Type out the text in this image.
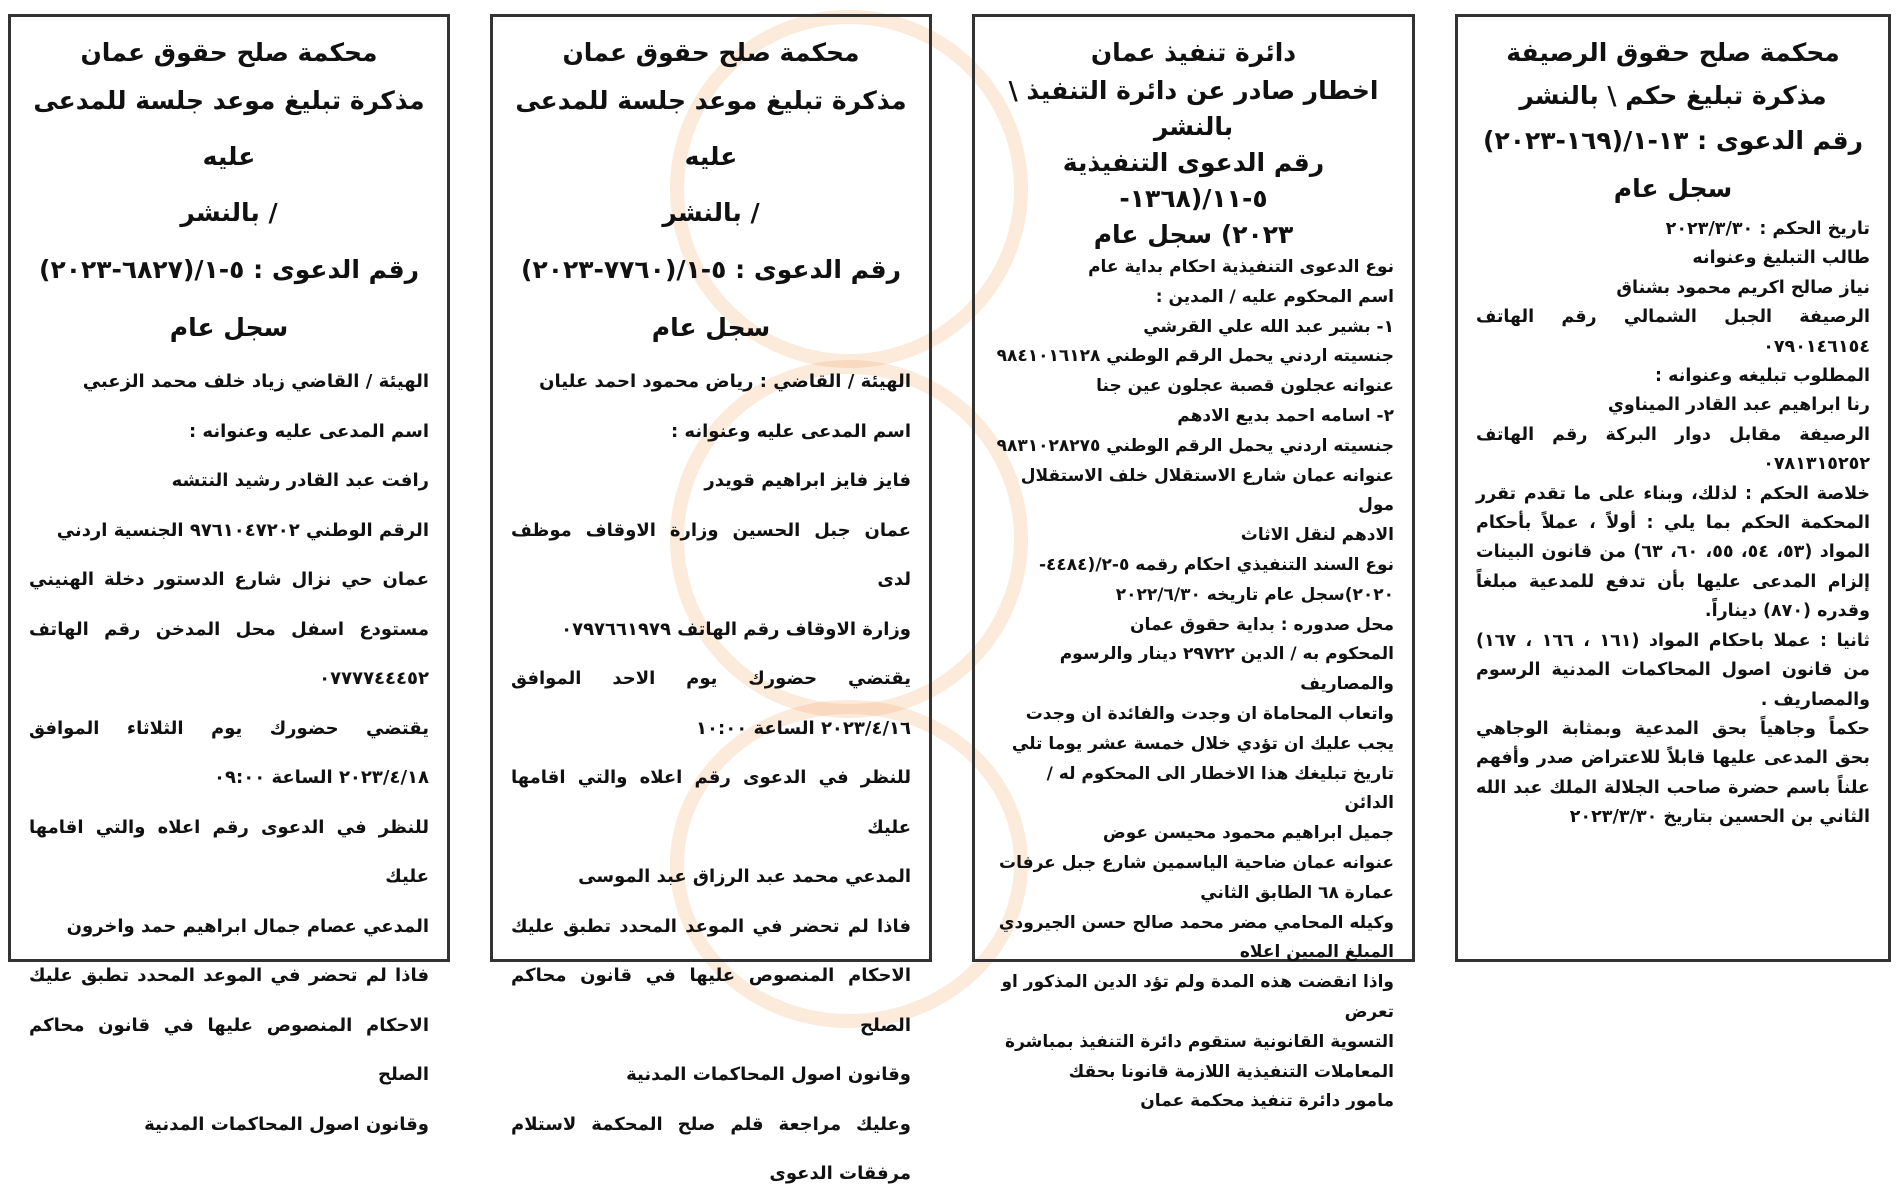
محكمة صلح حقوق الرصيفة

مذكرة تبليغ حكم \ بالنشر

رقم الدعوى : ١٣-١/(١٦٩-٢٠٢٣)

سجل عام

تاريخ الحكم : ٢٠٢٣/٣/٣٠

طالب التبليغ وعنوانه

نياز صالح اكريم محمود بشناق

الرصيفة الجبل الشمالي رقم الهاتف

٠٧٩٠١٤٦١٥٤

المطلوب تبليغه وعنوانه :

رنا ابراهيم عبد القادر الميناوي

الرصيفة مقابل دوار البركة رقم الهاتف

٠٧٨١٣١٥٢٥٢

خلاصة الحكم : لذلك، وبناء على ما تقدم تقرر

المحكمة الحكم بما يلي : أولاً ، عملاً بأحكام

المواد (٥٣، ٥٤، ٥٥، ٦٠، ٦٣) من قانون البينات

إلزام المدعى عليها بأن تدفع للمدعية مبلغاً

وقدره (٨٧٠) ديناراً.

ثانيا : عملا باحكام المواد (١٦١ ، ١٦٦ ، ١٦٧)

من قانون اصول المحاكمات المدنية الرسوم

والمصاريف .

حكماً وجاهياً بحق المدعية وبمثابة الوجاهي

بحق المدعى عليها قابلاً للاعتراض صدر وأفهم

علناً باسم حضرة صاحب الجلالة الملك عبد الله

الثاني بن الحسين بتاريخ ٢٠٢٣/٣/٣٠

دائرة تنفيذ عمان

اخطار صادر عن دائرة التنفيذ \ بالنشر

رقم الدعوى التنفيذية ٥-١١/(١٣٦٨-

٢٠٢٣) سجل عام

نوع الدعوى التنفيذية احكام بداية عام

اسم المحكوم عليه / المدين :

١- بشير عبد الله علي القرشي

جنسيته اردني يحمل الرقم الوطني ٩٨٤١٠١٦١٢٨

عنوانه عجلون قصبة عجلون عين جنا

٢- اسامه احمد بديع الادهم

جنسيته اردني يحمل الرقم الوطني ٩٨٣١٠٢٨٢٧٥

عنوانه عمان شارع الاستقلال خلف الاستقلال مول

الادهم لنقل الاثاث

نوع السند التنفيذي احكام رقمه ٥-٢/(٤٤٨٤-

٢٠٢٠)سجل عام تاريخه ٢٠٢٢/٦/٣٠

محل صدوره : بداية حقوق عمان

المحكوم به / الدين ٢٩٧٢٢ دينار والرسوم والمصاريف

واتعاب المحاماة ان وجدت والفائدة ان وجدت

يجب عليك ان تؤدي خلال خمسة عشر يوما تلي

تاريخ تبليغك هذا الاخطار الى المحكوم له / الدائن

جميل ابراهيم محمود محيسن عوض

عنوانه عمان ضاحية الياسمين شارع جبل عرفات

عمارة ٦٨ الطابق الثاني

وكيله المحامي مضر محمد صالح حسن الجيرودي

المبلغ المبين اعلاه

واذا انقضت هذه المدة ولم تؤد الدين المذكور او تعرض

التسوية القانونية ستقوم دائرة التنفيذ بمباشرة

المعاملات التنفيذية اللازمة قانونا بحقك

مامور دائرة تنفيذ محكمة عمان

محكمة صلح حقوق عمان

مذكرة تبليغ موعد جلسة للمدعى عليه

/ بالنشر

رقم الدعوى : ٥-١/(٧٧٦٠-٢٠٢٣)

سجل عام

الهيئة / القاضي : رياض محمود احمد عليان

اسم المدعى عليه وعنوانه :

فايز فايز ابراهيم قويدر

عمان جبل الحسين وزارة الاوقاف موظف لدى

وزارة الاوقاف رقم الهاتف ٠٧٩٧٦٦١٩٧٩

يقتضي حضورك يوم الاحد الموافق

٢٠٢٣/٤/١٦ الساعة ١٠:٠٠

للنظر في الدعوى رقم اعلاه والتي اقامها عليك

المدعي محمد عبد الرزاق عبد الموسى

فاذا لم تحضر في الموعد المحدد تطبق عليك

الاحكام المنصوص عليها في قانون محاكم الصلح

وقانون اصول المحاكمات المدنية

وعليك مراجعة قلم صلح المحكمة لاستلام

مرفقات الدعوى

محكمة صلح حقوق عمان

مذكرة تبليغ موعد جلسة للمدعى عليه

/ بالنشر

رقم الدعوى : ٥-١/(٦٨٢٧-٢٠٢٣)

سجل عام

الهيئة / القاضي زياد خلف محمد الزعبي

اسم المدعى عليه وعنوانه :

رافت عبد القادر رشيد النتشه

الرقم الوطني ٩٧٦١٠٤٧٢٠٢ الجنسية اردني

عمان حي نزال شارع الدستور دخلة الهنيني

مستودع اسفل محل المدخن رقم الهاتف

٠٧٧٧٧٤٤٤٥٢

يقتضي حضورك يوم الثلاثاء الموافق

٢٠٢٣/٤/١٨ الساعة ٠٩:٠٠

للنظر في الدعوى رقم اعلاه والتي اقامها عليك

المدعي عصام جمال ابراهيم حمد واخرون

فاذا لم تحضر في الموعد المحدد تطبق عليك

الاحكام المنصوص عليها في قانون محاكم الصلح

وقانون اصول المحاكمات المدنية
